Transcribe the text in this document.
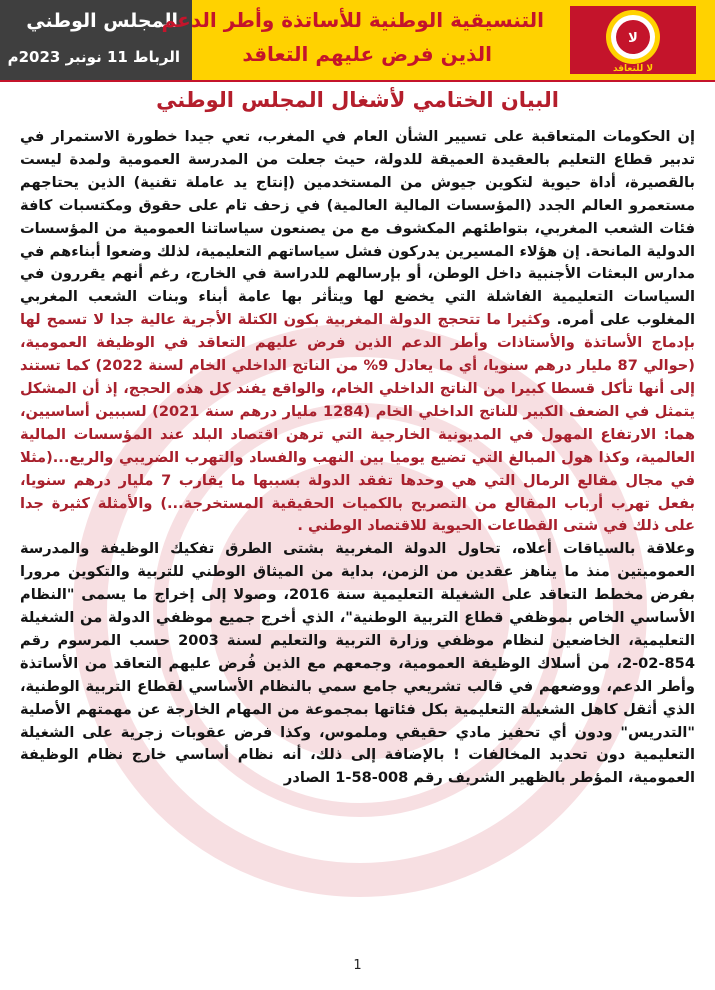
المجلس الوطني
الرباط 11 نونبر 2023م
التنسيقية الوطنية للأساتذة وأطر الدعم
الذين فرض عليهم التعاقد
لا
لا للتعاقد
البيان الختامي لأشغال المجلس الوطني

إن الحكومات المتعاقبة على تسيير الشأن العام في المغرب، تعي جيدا خطورة الاستمرار في تدبير قطاع التعليم بالعقيدة العميقة للدولة، حيث جعلت من المدرسة العمومية ولمدة ليست بالقصيرة، أداة حيوية لتكوين جيوش من المستخدمين (إنتاج يد عاملة تقنية) الذين يحتاجهم مستعمرو العالم الجدد (المؤسسات المالية العالمية) في زحف تام على حقوق ومكتسبات كافة فئات الشعب المغربي، بتواطئهم المكشوف مع من يصنعون سياساتنا العمومية من المؤسسات الدولية المانحة. إن هؤلاء المسيرين يدركون فشل سياساتهم التعليمية، لذلك وضعوا أبناءهم في مدارس البعثات الأجنبية داخل الوطن، أو بإرسالهم للدراسة في الخارج، رغم أنهم يقررون في السياسات التعليمية الفاشلة التي يخضع لها ويتأثر بها عامة أبناء وبنات الشعب المغربي المغلوب على أمره. وكثيرا ما تتحجج الدولة المغربية بكون الكتلة الأجرية عالية جدا لا تسمح لها بإدماج الأساتذة والأستاذات وأطر الدعم الذين فرض عليهم التعاقد في الوظيفة العمومية، (حوالي 87 مليار درهم سنويا، أي ما يعادل 9% من الناتج الداخلي الخام لسنة 2022) كما تستند إلى أنها تأكل قسطا كبيرا من الناتج الداخلي الخام، والواقع يفند كل هذه الحجج، إذ أن المشكل يتمثل في الضعف الكبير للناتج الداخلي الخام (1284 مليار درهم سنة 2021) لسببين أساسيين، هما: الارتفاع المهول في المديونية الخارجية التي ترهن اقتصاد البلد عند المؤسسات المالية العالمية، وكذا هول المبالغ التي تضيع يوميا بين النهب والفساد والتهرب الضريبي والريع...(مثلا في مجال مقالع الرمال التي هي وحدها تفقد الدولة بسببها ما يقارب 7 مليار درهم سنويا، بفعل تهرب أرباب المقالع من التصريح بالكميات الحقيقية المستخرجة...) والأمثلة كثيرة جدا على ذلك في شتى القطاعات الحيوية للاقتصاد الوطني .

وعلاقة بالسياقات أعلاه، تحاول الدولة المغربية بشتى الطرق تفكيك الوظيفة والمدرسة العموميتين منذ ما يناهز عقدين من الزمن، بداية من الميثاق الوطني للتربية والتكوين مرورا بفرض مخطط التعاقد على الشغيلة التعليمية سنة 2016، وصولا إلى إخراج ما يسمى "النظام الأساسي الخاص بموظفي قطاع التربية الوطنية"، الذي أخرج جميع موظفي الدولة من الشغيلة التعليمية، الخاضعين لنظام موظفي وزارة التربية والتعليم لسنة 2003 حسب المرسوم رقم 854-02-2، من أسلاك الوظيفة العمومية، وجمعهم مع الذين فُرض عليهم التعاقد من الأساتذة وأطر الدعم، ووضعهم في قالب تشريعي جامع سمي بالنظام الأساسي لقطاع التربية الوطنية، الذي أثقل كاهل الشغيلة التعليمية بكل فئاتها بمجموعة من المهام الخارجة عن مهمتهم الأصلية "التدريس" ودون أي تحفيز مادي حقيقي وملموس، وكذا فرض عقوبات زجرية على الشغيلة التعليمية دون تحديد المخالفات ! بالإضافة إلى ذلك، أنه نظام أساسي خارج نظام الوظيفة العمومية، المؤطر بالظهير الشريف رقم 008-58-1 الصادر

1
